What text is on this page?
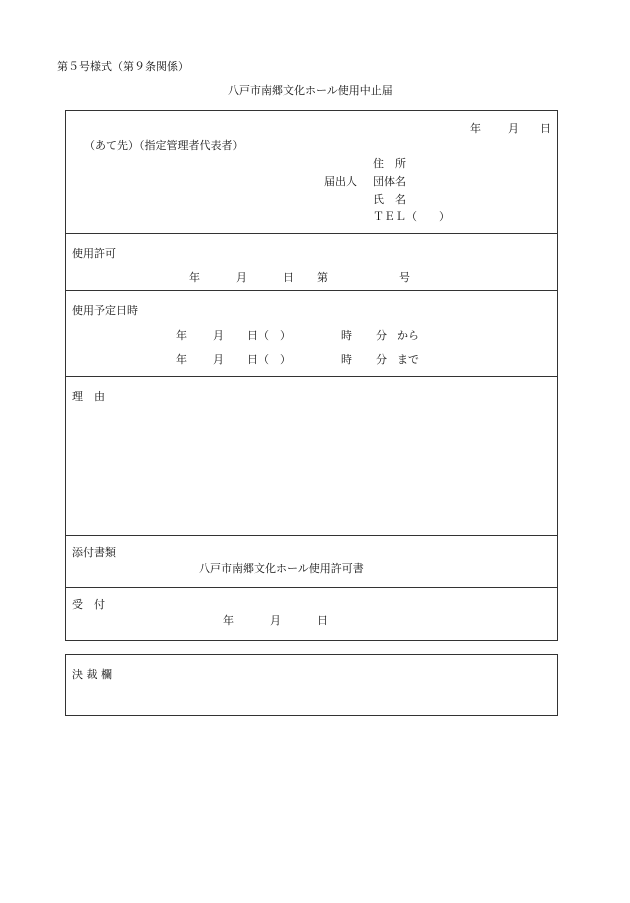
第５号様式（第９条関係）
八戸市南郷文化ホール使用中止届
年 月 日
（あて先）（指定管理者代表者）
住　所
届出人 団体名
氏　名
ＴＥＬ（　　）
使用許可
年	月	日 第	号
使用予定日時
年 月 日（　）	時 分 から
年 月 日（　）	時 分 まで
理　由
添付書類
八戸市南郷文化ホール使用許可書
受　付
年	月	日
決 裁 欄
